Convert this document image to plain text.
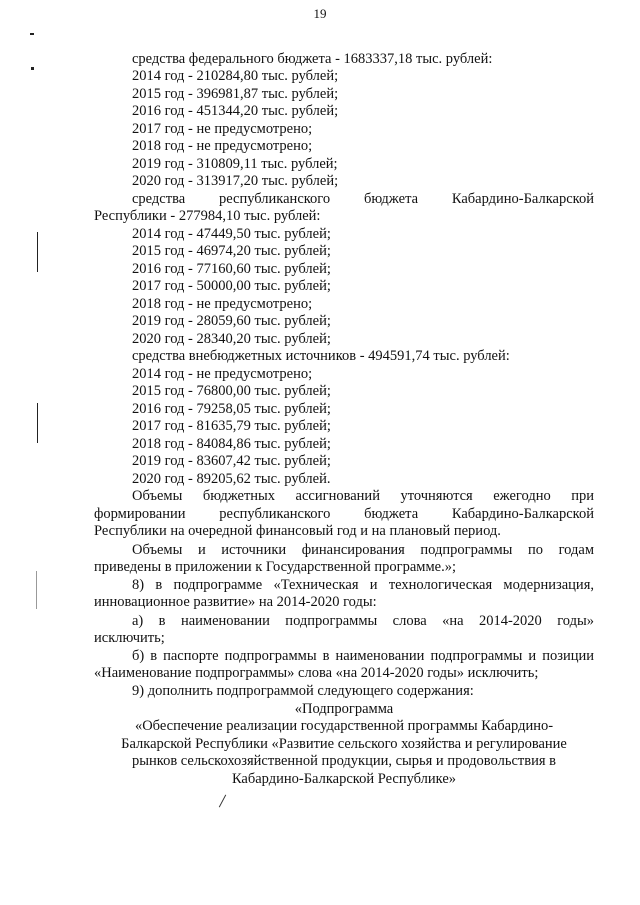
19
средства федерального бюджета - 1683337,18 тыс. рублей:
2014 год - 210284,80 тыс. рублей;
2015 год - 396981,87 тыс. рублей;
2016 год - 451344,20 тыс. рублей;
2017 год - не предусмотрено;
2018 год - не предусмотрено;
2019 год - 310809,11 тыс. рублей;
2020 год - 313917,20 тыс. рублей;
средства республиканского бюджета Кабардино-Балкарской
Республики - 277984,10 тыс. рублей:
2014 год - 47449,50 тыс. рублей;
2015 год - 46974,20 тыс. рублей;
2016 год - 77160,60 тыс. рублей;
2017 год - 50000,00 тыс. рублей;
2018 год - не предусмотрено;
2019 год - 28059,60 тыс. рублей;
2020 год - 28340,20 тыс. рублей;
средства внебюджетных источников - 494591,74 тыс. рублей:
2014 год - не предусмотрено;
2015 год - 76800,00 тыс. рублей;
2016 год - 79258,05 тыс. рублей;
2017 год - 81635,79 тыс. рублей;
2018 год - 84084,86 тыс. рублей;
2019 год - 83607,42 тыс. рублей;
2020 год - 89205,62 тыс. рублей.
Объемы бюджетных ассигнований уточняются ежегодно при
формировании республиканского бюджета Кабардино-Балкарской
Республики на очередной финансовый год и на плановый период.
Объемы и источники финансирования подпрограммы по годам
приведены в приложении к Государственной программе.»;
8) в подпрограмме «Техническая и технологическая модернизация,
инновационное развитие» на 2014-2020 годы:
а) в наименовании подпрограммы слова «на 2014-2020 годы»
исключить;
б) в паспорте подпрограммы в наименовании подпрограммы и позиции
«Наименование подпрограммы» слова «на 2014-2020 годы» исключить;
9) дополнить подпрограммой следующего содержания:
«Подпрограмма
«Обеспечение реализации государственной программы Кабардино-
Балкарской Республики «Развитие сельского хозяйства и регулирование
рынков сельскохозяйственной продукции, сырья и продовольствия в
Кабардино-Балкарской Республике»
